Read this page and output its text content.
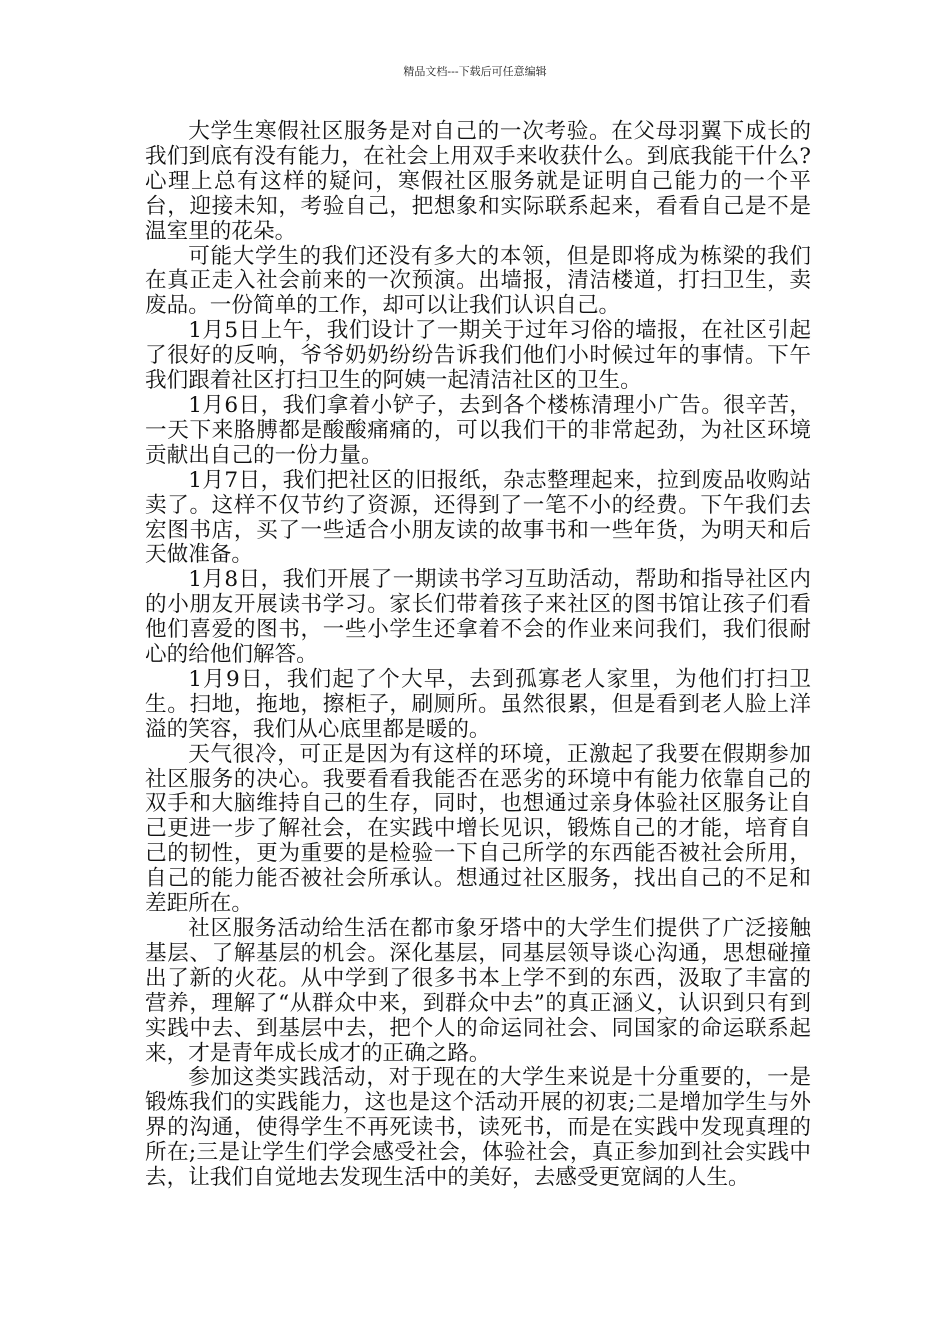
精品文档---下载后可任意编辑

大学生寒假社区服务是对自己的一次考验。在父母羽翼下成长的我们到底有没有能力，在社会上用双手来收获什么。到底我能干什么?心理上总有这样的疑问，寒假社区服务就是证明自己能力的一个平台，迎接未知，考验自己，把想象和实际联系起来，看看自己是不是温室里的花朵。

可能大学生的我们还没有多大的本领，但是即将成为栋梁的我们在真正走入社会前来的一次预演。出墙报，清洁楼道，打扫卫生，卖废品。一份简单的工作，却可以让我们认识自己。

1月5日上午，我们设计了一期关于过年习俗的墙报，在社区引起了很好的反响，爷爷奶奶纷纷告诉我们他们小时候过年的事情。下午我们跟着社区打扫卫生的阿姨一起清洁社区的卫生。

1月6日，我们拿着小铲子，去到各个楼栋清理小广告。很辛苦，一天下来胳膊都是酸酸痛痛的，可以我们干的非常起劲，为社区环境贡献出自己的一份力量。

1月7日，我们把社区的旧报纸，杂志整理起来，拉到废品收购站卖了。这样不仅节约了资源，还得到了一笔不小的经费。下午我们去宏图书店，买了一些适合小朋友读的故事书和一些年货，为明天和后天做准备。

1月8日，我们开展了一期读书学习互助活动，帮助和指导社区内的小朋友开展读书学习。家长们带着孩子来社区的图书馆让孩子们看他们喜爱的图书，一些小学生还拿着不会的作业来问我们，我们很耐心的给他们解答。

1月9日，我们起了个大早，去到孤寡老人家里，为他们打扫卫生。扫地，拖地，擦柜子，刷厕所。虽然很累，但是看到老人脸上洋溢的笑容，我们从心底里都是暖的。

天气很冷，可正是因为有这样的环境，正激起了我要在假期参加社区服务的决心。我要看看我能否在恶劣的环境中有能力依靠自己的双手和大脑维持自己的生存，同时，也想通过亲身体验社区服务让自己更进一步了解社会，在实践中增长见识，锻炼自己的才能，培育自己的韧性，更为重要的是检验一下自己所学的东西能否被社会所用，自己的能力能否被社会所承认。想通过社区服务，找出自己的不足和差距所在。

社区服务活动给生活在都市象牙塔中的大学生们提供了广泛接触基层、了解基层的机会。深化基层，同基层领导谈心沟通，思想碰撞出了新的火花。从中学到了很多书本上学不到的东西，汲取了丰富的营养，理解了“从群众中来，到群众中去”的真正涵义，认识到只有到实践中去、到基层中去，把个人的命运同社会、同国家的命运联系起来，才是青年成长成才的正确之路。

参加这类实践活动，对于现在的大学生来说是十分重要的，一是锻炼我们的实践能力，这也是这个活动开展的初衷;二是增加学生与外界的沟通，使得学生不再死读书，读死书，而是在实践中发现真理的所在;三是让学生们学会感受社会，体验社会，真正参加到社会实践中去，让我们自觉地去发现生活中的美好，去感受更宽阔的人生。
